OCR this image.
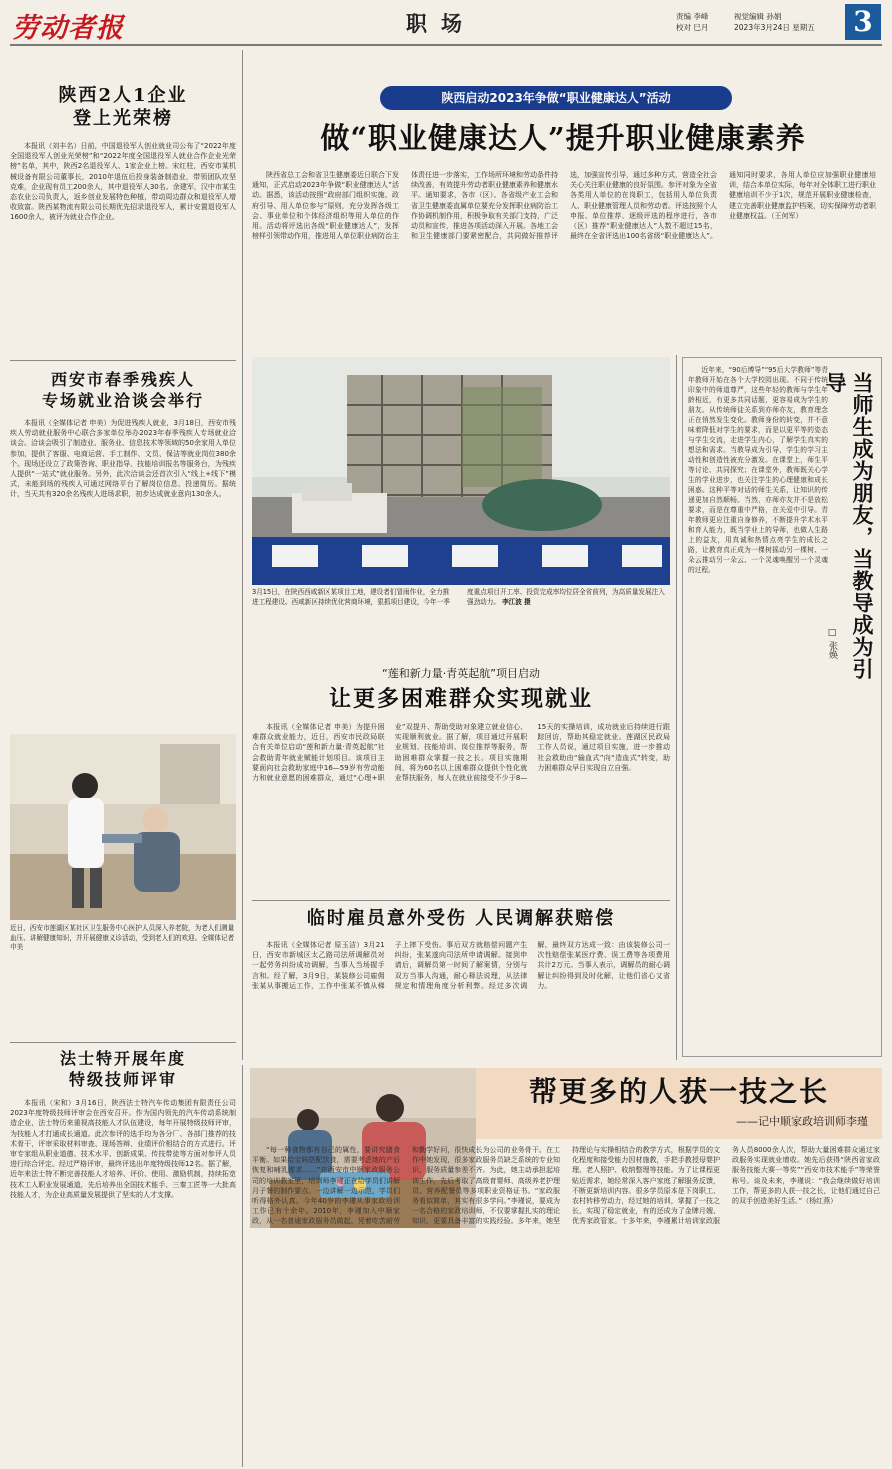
劳动者报	职场	责编 李峰
校对 巳月
视觉编辑 孙娟
2023年3月24日 星期五 3
陕西2人1企业
登上光荣榜

本报讯（刘丰名）日前，中国退役军人创业就业司公布了“2022年度全国退役军人创业光荣榜”和“2022年度全国退役军人就业合作企业光荣榜”名单，其中，陕西2名退役军人、1家企业上榜。宋红柱，西安市某机械设备有限公司董事长，2010年退伍后投身装备制造业，带领团队攻坚克难，企业现有员工200余人，其中退役军人30名。余建军，汉中市某生态农业公司负责人，返乡创业发展特色种植，带动周边群众和退役军人增收致富。陕西某物流有限公司长期优先招录退役军人，累计安置退役军人1600余人，被评为就业合作企业。

西安市春季残疾人
专场就业洽谈会举行

本报讯（全媒体记者 申美）为促进残疾人就业，3月18日，西安市残疾人劳动就业服务中心联合多家单位举办2023年春季残疾人专场就业洽谈会。洽谈会吸引了制造业、服务业、信息技术等领域的50余家用人单位参加，提供了客服、电商运营、手工制作、文员、保洁等就业岗位380余个。现场还设立了政策咨询、职业指导、技能培训报名等服务台，为残疾人提供“一站式”就业服务。另外，此次洽谈会还首次引入“线上+线下”模式，未能到场的残疾人可通过网络平台了解岗位信息、投递简历。据统计，当天共有320余名残疾人进场求职，初步达成就业意向130余人。

近日，西安市莲湖区某社区卫生服务中心医护人员深入养老院，为老人们测量血压、讲解健康知识，并开展健康义诊活动，受到老人们的欢迎。全媒体记者 申美
法士特开展年度
特级技师评审

本报讯（宋和）3月16日，陕西法士特汽车传动集团有限责任公司2023年度特级技师评审会在西安召开。作为国内领先的汽车传动系统制造企业，法士特历来重视高技能人才队伍建设，每年开展特级技师评审，为技能人才打通成长通道。此次参评的选手均为各分厂、各部门推荐的技术骨干，评审采取材料审查、现场答辩、业绩评价相结合的方式进行。评审专家组从职业道德、技术水平、创新成果、传技带徒等方面对参评人员进行综合评定。经过严格评审，最终评选出年度特级技师12名。据了解，近年来法士特不断完善技能人才培养、评价、使用、激励机制，持续拓宽技术工人职业发展通道，先后培养出全国技术能手、三秦工匠等一大批高技能人才，为企业高质量发展提供了坚实的人才支撑。

陕西启动2023年争做“职业健康达人”活动
做“职业健康达人”提升职业健康素养

陕西省总工会和省卫生健康委近日联合下发通知，正式启动2023年争做“职业健康达人”活动。据悉，该活动按照“政府部门组织实施、政府引导、用人单位参与”原则，充分发挥各级工会、事业单位和个体经济组织等用人单位的作用。活动将评选出各级“职业健康达人”，发挥榜样引领带动作用，推进用人单位职业病防治主体责任进一步落实，工作场所环境和劳动条件持续改善，有效提升劳动者职业健康素养和健康水平。通知要求，各市（区）、各省级产业工会和省卫生健康委直属单位要充分发挥职业病防治工作协调机制作用，积极争取有关部门支持，广泛动员和宣传，推进各项活动深入开展。各地工会和卫生健康部门要紧密配合，共同做好推荐评选，加强宣传引导，通过多种方式，营造全社会关心关注职业健康的良好氛围。参评对象为全省各类用人单位的在岗职工，包括用人单位负责人、职业健康管理人员和劳动者。评选按照个人申报、单位推荐、逐级评选的程序进行，各市（区）推荐“职业健康达人”人数不超过15名，最终在全省评选出100名省级“职业健康达人”。通知同时要求，各用人单位应加强职业健康培训，结合本单位实际，每年对全体职工进行职业健康培训不少于1次，规范开展职业健康检查，建立完善职业健康监护档案，切实保障劳动者职业健康权益。（王何军）

3月15日，在陕西西咸新区某项目工地，建设者们冒雨作业，全力推进工程建设。西咸新区持续优化营商环境，狠抓项目建设，今年一季度重点项目开工率、投资完成率均位居全省前列，为高质量发展注入强劲动力。 李江波 摄
“莲和新力量·青英起航”项目启动
让更多困难群众实现就业

本报讯（全媒体记者 申美）为提升困难群众就业能力，近日，西安市民政局联合有关单位启动“莲和新力量·青英起航”社会救助青年就业赋能计划项目。该项目主要面向社会救助家庭中16—59岁有劳动能力和就业意愿的困难群众，通过“心理+职业”双提升、帮助受助对象建立就业信心、实现顺利就业。据了解，项目通过开展职业规划、技能培训、岗位推荐等服务，帮助困难群众掌握一技之长。项目实施期间，将为60名以上困难群众提供个性化就业帮扶服务，每人在就业前接受不少于8—15天的实操培训，成功就业后持续进行跟踪回访，帮助其稳定就业。莲湖区民政局工作人员说，通过项目实施，进一步推动社会救助由“输血式”向“造血式”转变，助力困难群众早日实现自立自强。

临时雇员意外受伤 人民调解获赔偿

本报讯（全媒体记者 原玉洁）3月21日，西安市新城区太乙路司法所调解员对一起劳务纠纷成功调解，当事人当场握手言和。经了解，3月9日，某装修公司雇佣张某从事搬运工作，工作中张某不慎从梯子上摔下受伤。事后双方就赔偿问题产生纠纷，张某遂向司法所申请调解。接到申请后，调解员第一时间了解案情，分别与双方当事人沟通，耐心释法说理，从法律规定和情理角度分析利弊。经过多次调解，最终双方达成一致：由该装修公司一次性赔偿张某医疗费、误工费等各项费用共计2万元。当事人表示，调解员的耐心调解让纠纷得到及时化解，让他们省心又省力。

近年来，“90后博导”“95后大学教师”等青年教师开始在各个大学校园出现。不同于传统印象中的师道尊严，这些年轻的教师与学生年龄相近，有更多共同话题，更容易成为学生的朋友。从传统师徒关系到亦师亦友，教育理念正在悄然发生变化。教师身份的转变，并不意味着降低对学生的要求，而是以更平等的姿态与学生交流，走进学生内心，了解学生真实的想法和需求。当教导成为引导，学生的学习主动性和创造性被充分激发。在课堂上，师生平等讨论、共同探究；在课堂外，教师既关心学生的学业进步，也关注学生的心理健康和成长困惑。这种平等对话的师生关系，让知识的传递更加自然顺畅。当然，亦师亦友并不是放松要求，而是在尊重中严格，在关爱中引导。青年教师更应注重自身修养，不断提升学术水平和育人能力，既当学业上的导师，也做人生路上的益友，用真诚和热情点亮学生的成长之路，让教育真正成为一棵树摇动另一棵树、一朵云推动另一朵云、一个灵魂唤醒另一个灵魂的过程。	当师生成为朋友，当教导成为引导
□ 张焕
帮更多的人获一技之长
——记中顺家政培训师李瑾

“每一种食物都有自己的属性，要讲究膳食平衡。如果给宝妈搭配饮食，需要考虑她的产后恢复和哺乳需求……”在西安市中顺家政服务公司的培训教室里，培训师李瑾正在给学员们讲解月子餐的制作要点。一边讲解一边示范，学员们听得格外认真。今年40岁的李瑾从事家政培训工作已有十余年。2010年，李瑾加入中顺家政，从一名普通家政服务员做起，凭着吃苦耐劳和勤学好问，很快成长为公司的业务骨干。在工作中她发现，很多家政服务员缺乏系统的专业知识，服务质量参差不齐。为此，她主动承担起培训工作，先后考取了高级育婴师、高级养老护理员、营养配餐员等多项职业资格证书。“家政服务看似简单，其实有很多学问。”李瑾说，要成为一名合格的家政培训师，不仅要掌握扎实的理论知识，更要具备丰富的实践经验。多年来，她坚持理论与实操相结合的教学方式，根据学员的文化程度和接受能力因材施教，手把手教授母婴护理、老人照护、收纳整理等技能。为了让课程更贴近需求，她经常深入客户家庭了解服务反馈，不断更新培训内容。很多学员原本是下岗职工、农村转移劳动力，经过她的培训，掌握了一技之长，实现了稳定就业，有的还成为了金牌月嫂、优秀家政管家。十多年来，李瑾累计培训家政服务人员8000余人次，帮助大量困难群众通过家政服务实现就业增收。她先后获得“陕西省家政服务技能大赛一等奖”“西安市技术能手”等荣誉称号。谈及未来，李瑾说：“我会继续做好培训工作，帮更多的人获一技之长，让他们通过自己的双手创造美好生活。”（杨红燕）
